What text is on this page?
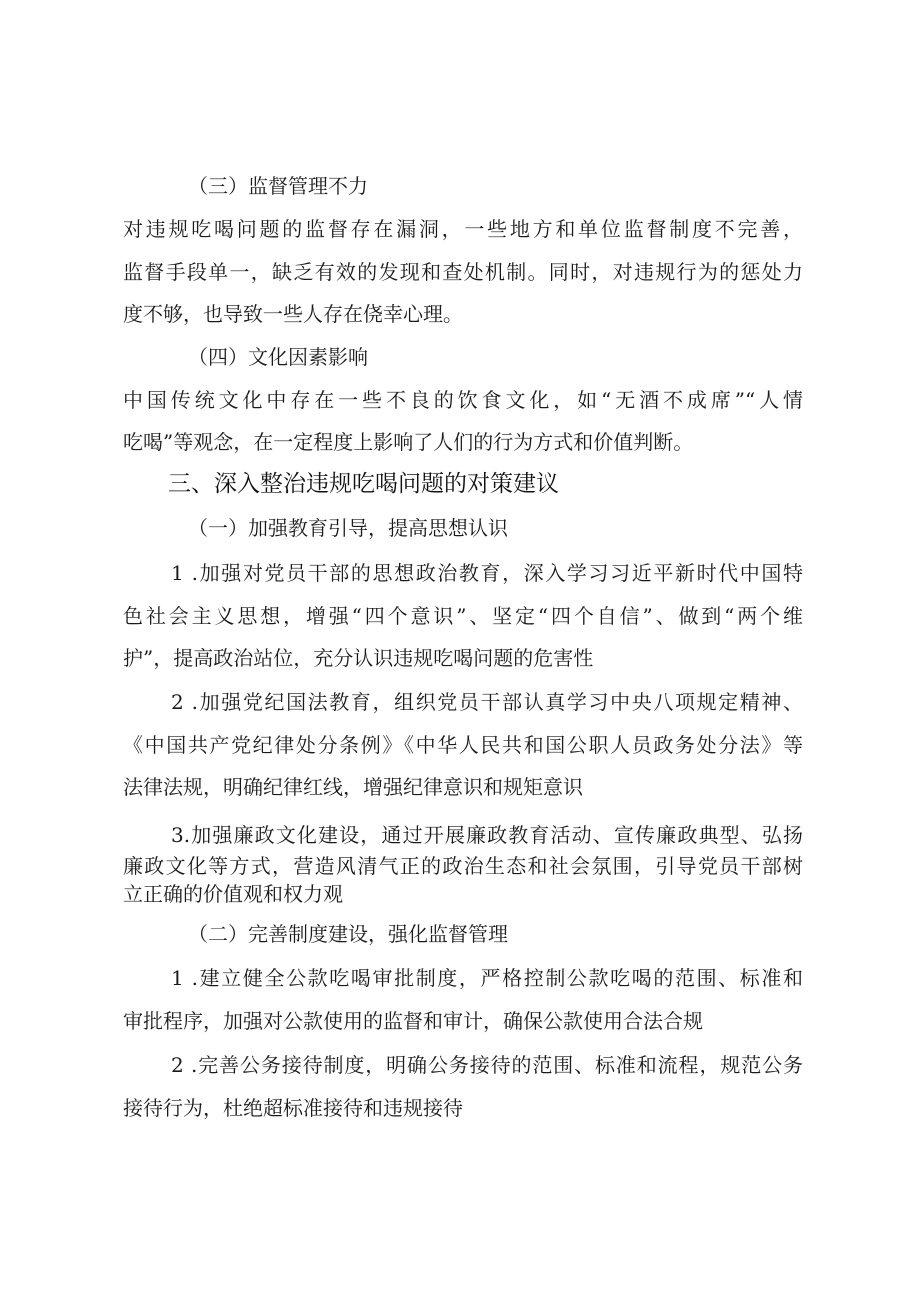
（三）监督管理不力
对违规吃喝问题的监督存在漏洞，一些地方和单位监督制度不完善，
监督手段单一，缺乏有效的发现和查处机制。同时，对违规行为的惩处力
度不够，也导致一些人存在侥幸心理。
（四）文化因素影响
中国传统文化中存在一些不良的饮食文化，如“无酒不成席”“人情
吃喝”等观念，在一定程度上影响了人们的行为方式和价值判断。
三、深入整治违规吃喝问题的对策建议
（一）加强教育引导，提高思想认识
1 .加强对党员干部的思想政治教育，深入学习习近平新时代中国特
色社会主义思想，增强“四个意识”、坚定“四个自信”、做到“两个维
护”，提高政治站位，充分认识违规吃喝问题的危害性
2 .加强党纪国法教育，组织党员干部认真学习中央八项规定精神、
《中国共产党纪律处分条例》《中华人民共和国公职人员政务处分法》等
法律法规，明确纪律红线，增强纪律意识和规矩意识
3.加强廉政文化建设，通过开展廉政教育活动、宣传廉政典型、弘扬
廉政文化等方式，营造风清气正的政治生态和社会氛围，引导党员干部树
立正确的价值观和权力观
（二）完善制度建设，强化监督管理
1 .建立健全公款吃喝审批制度，严格控制公款吃喝的范围、标准和
审批程序，加强对公款使用的监督和审计，确保公款使用合法合规
2 .完善公务接待制度，明确公务接待的范围、标准和流程，规范公务
接待行为，杜绝超标准接待和违规接待
